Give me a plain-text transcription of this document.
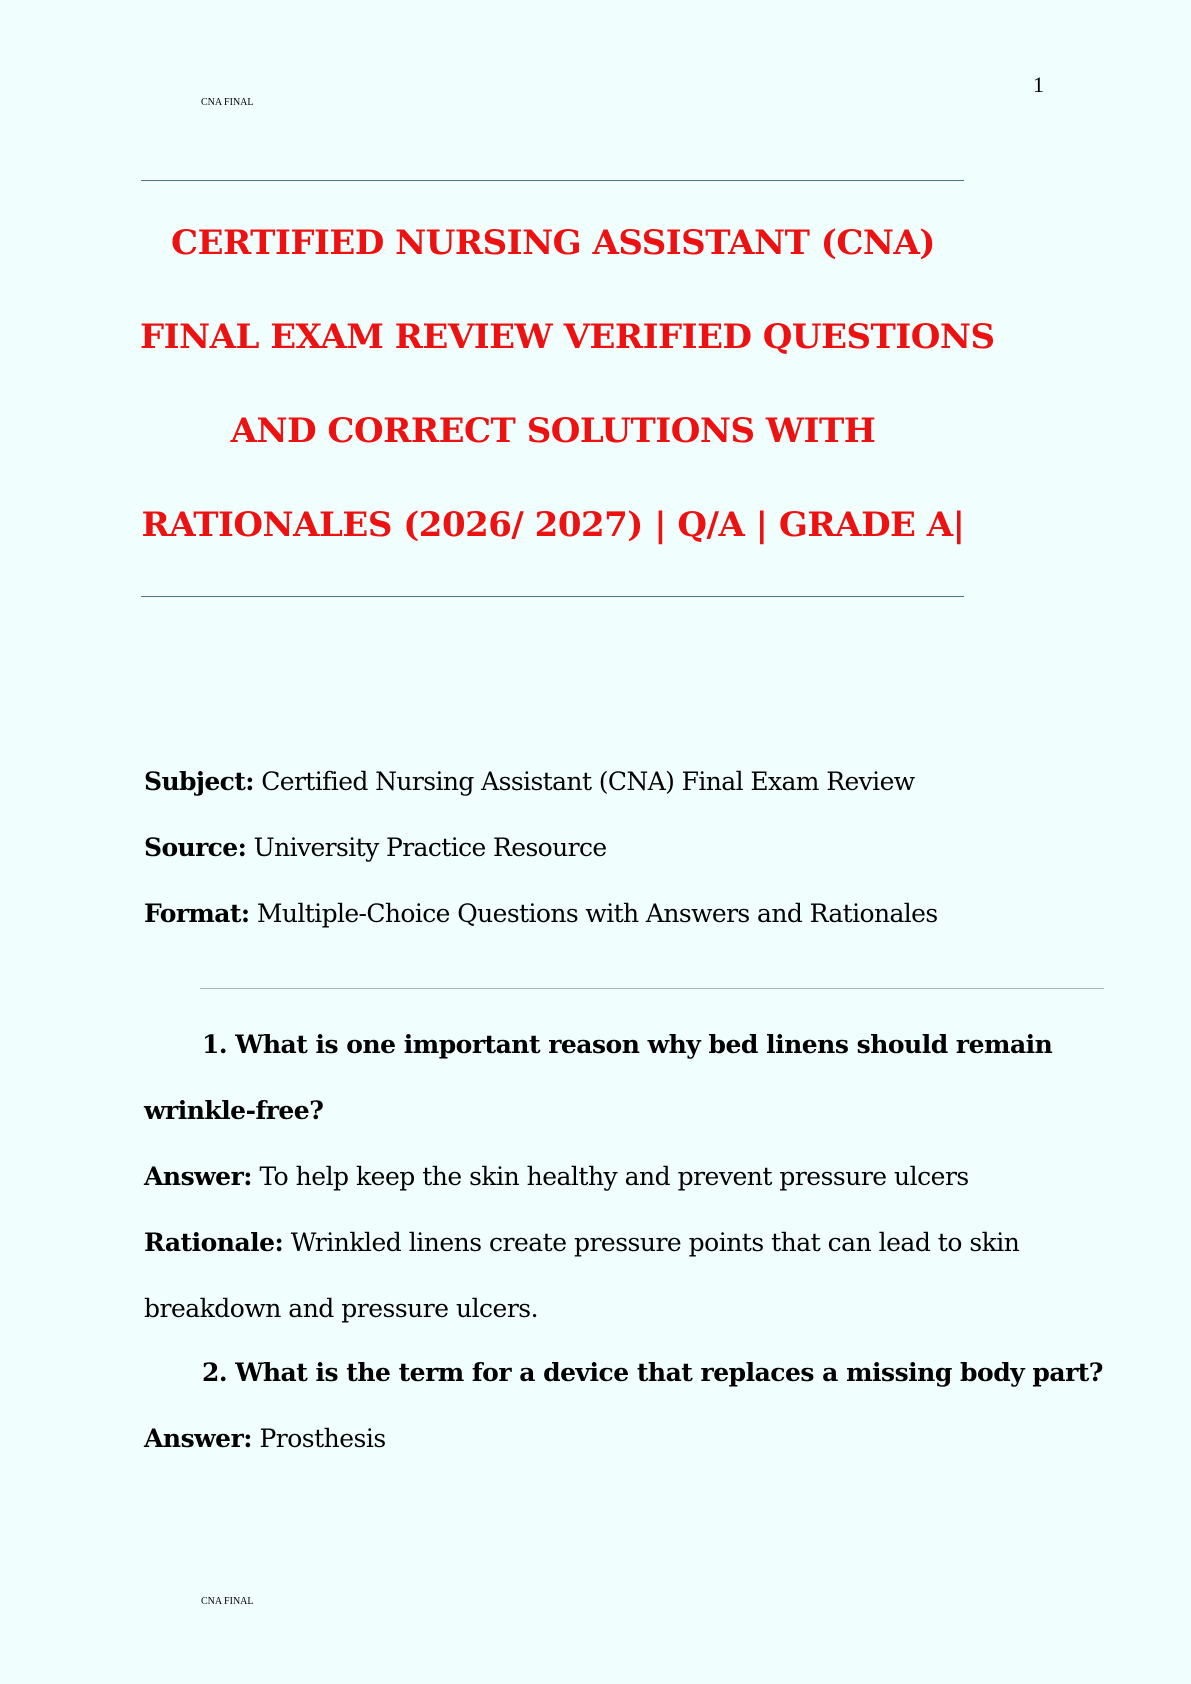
CNA FINAL
1
CERTIFIED NURSING ASSISTANT (CNA)
FINAL EXAM REVIEW VERIFIED QUESTIONS
AND CORRECT SOLUTIONS WITH
RATIONALES (2026/ 2027) | Q/A | GRADE A|
Subject: Certified Nursing Assistant (CNA) Final Exam Review
Source: University Practice Resource
Format: Multiple-Choice Questions with Answers and Rationales
1. What is one important reason why bed linens should remain
wrinkle-free?
Answer: To help keep the skin healthy and prevent pressure ulcers
Rationale: Wrinkled linens create pressure points that can lead to skin
breakdown and pressure ulcers.
2. What is the term for a device that replaces a missing body part?
Answer: Prosthesis
CNA FINAL
